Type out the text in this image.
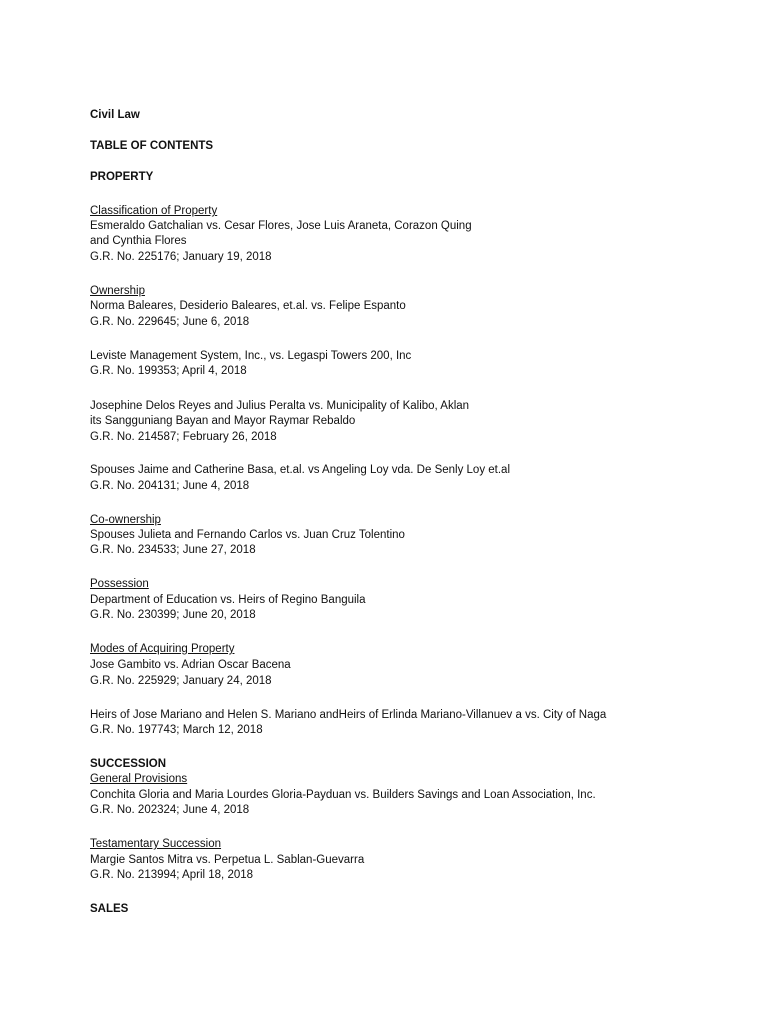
Civil Law
TABLE OF CONTENTS
PROPERTY
Classification of Property
Esmeraldo Gatchalian vs. Cesar Flores, Jose Luis Araneta, Corazon Quing
and Cynthia Flores
G.R. No. 225176; January 19, 2018
Ownership
Norma Baleares, Desiderio Baleares, et.al. vs. Felipe Espanto
G.R. No. 229645; June 6, 2018
Leviste Management System, Inc., vs. Legaspi Towers 200, Inc
G.R. No. 199353; April 4, 2018
Josephine Delos Reyes and Julius Peralta vs. Municipality of Kalibo, Aklan
its Sangguniang Bayan and Mayor Raymar Rebaldo
G.R. No. 214587; February 26, 2018
Spouses Jaime and Catherine Basa, et.al. vs Angeling Loy vda. De Senly Loy et.al
G.R. No. 204131; June 4, 2018
Co-ownership
Spouses Julieta and Fernando Carlos vs. Juan Cruz Tolentino
G.R. No. 234533; June 27, 2018
Possession
Department of Education vs. Heirs of Regino Banguila
G.R. No. 230399; June 20, 2018
Modes of Acquiring Property
Jose Gambito vs. Adrian Oscar Bacena
G.R. No. 225929; January 24, 2018
Heirs of Jose Mariano and Helen S. Mariano andHeirs of Erlinda Mariano-Villanuev a vs. City of Naga
G.R. No. 197743; March 12, 2018
SUCCESSION
General Provisions
Conchita Gloria and Maria Lourdes Gloria-Payduan vs. Builders Savings and Loan Association, Inc.
G.R. No. 202324; June 4, 2018
Testamentary Succession
Margie Santos Mitra vs. Perpetua L. Sablan-Guevarra
G.R. No. 213994; April 18, 2018
SALES
